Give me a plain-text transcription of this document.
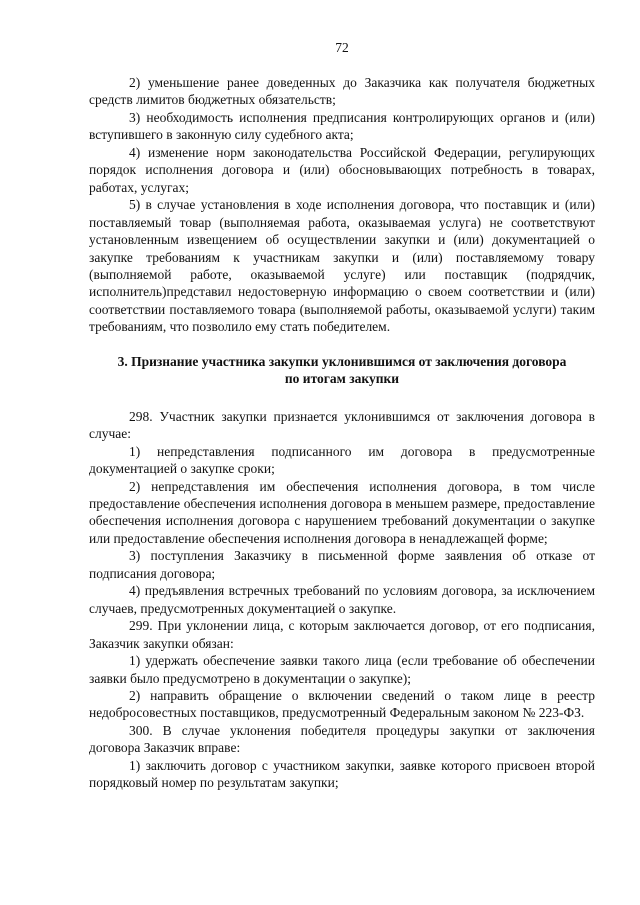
72

2) уменьшение ранее доведенных до Заказчика как получателя бюджетных средств лимитов бюджетных обязательств;

3) необходимость исполнения предписания контролирующих органов и (или) вступившего в законную силу судебного акта;

4) изменение норм законодательства Российской Федерации, регулирующих порядок исполнения договора и (или) обосновывающих потребность в товарах, работах, услугах;

5) в случае установления в ходе исполнения договора, что поставщик и (или) поставляемый товар (выполняемая работа, оказываемая услуга) не соответствуют установленным извещением об осуществлении закупки и (или) документацией о закупке требованиям к участникам закупки и (или) поставляемому товару (выполняемой работе, оказываемой услуге) или поставщик (подрядчик, исполнитель)представил недостоверную информацию о своем соответствии и (или) соответствии поставляемого товара (выполняемой работы, оказываемой услуги) таким требованиям, что позволило ему стать победителем.

3. Признание участника закупки уклонившимся от заключения договора
по итогам закупки

298. Участник закупки признается уклонившимся от заключения договора в случае:

1) непредставления подписанного им договора в предусмотренные документацией о закупке сроки;

2) непредставления им обеспечения исполнения договора, в том числе предоставление обеспечения исполнения договора в меньшем размере, предоставление обеспечения исполнения договора с нарушением требований документации о закупке или предоставление обеспечения исполнения договора в ненадлежащей форме;

3) поступления Заказчику в письменной форме заявления об отказе от подписания договора;

4) предъявления встречных требований по условиям договора, за исключением случаев, предусмотренных документацией о закупке.

299. При уклонении лица, с которым заключается договор, от его подписания, Заказчик закупки обязан:

1) удержать обеспечение заявки такого лица (если требование об обеспечении заявки было предусмотрено в документации о закупке);

2) направить обращение о включении сведений о таком лице в реестр недобросовестных поставщиков, предусмотренный Федеральным законом № 223-ФЗ.

300. В случае уклонения победителя процедуры закупки от заключения договора Заказчик вправе:

1) заключить договор с участником закупки, заявке которого присвоен второй порядковый номер по результатам закупки;
